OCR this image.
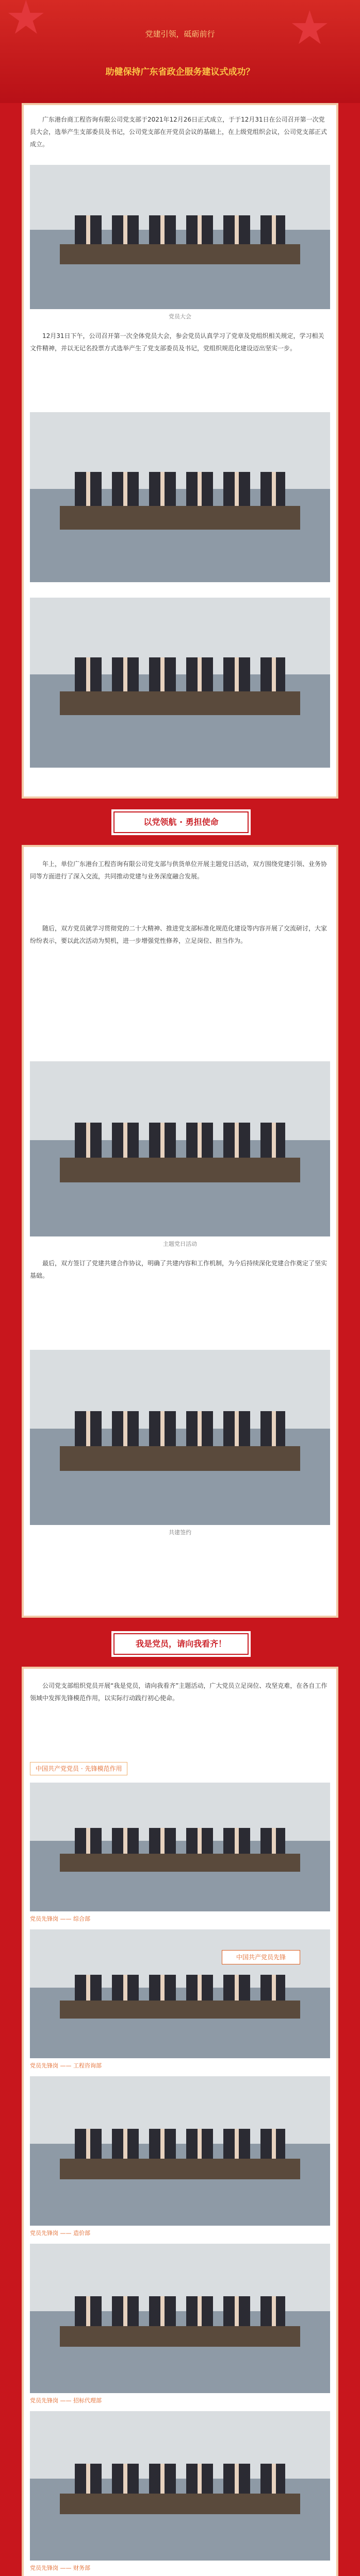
★	★
党建引领，砥砺前行
助健保持广东省政企服务建议式成功？
广东港台商工程咨询有限公司党支部于2021年12月26日正式成立，于于12月31日在公司召开第一次党员大会，选举产生支部委员及书记，公司党支部在开党员会议的基础上，在上级党组织会议，公司党支部正式成立。
党员大会
12月31日下午，公司召开第一次全体党员大会，参会党员认真学习了党章及党组织相关规定，学习相关文件精神，并以无记名投票方式选举产生了党支部委员及书记，党组织规范化建设迈出坚实一步。
以党领航 · 勇担使命
年上，单位广东港台工程咨询有限公司党支部与供货单位开展主题党日活动，双方围绕党建引领、业务协同等方面进行了深入交流，共同推动党建与业务深度融合发展。
随后，双方党员就学习贯彻党的二十大精神、推进党支部标准化规范化建设等内容开展了交流研讨，大家纷纷表示，要以此次活动为契机，进一步增强党性修养，立足岗位、担当作为。
主题党日活动
最后，双方签订了党建共建合作协议，明确了共建内容和工作机制，为今后持续深化党建合作奠定了坚实基础。
共建签约
我是党员，请向我看齐！
公司党支部组织党员开展“我是党员，请向我看齐”主题活动，广大党员立足岗位、攻坚克难，在各自工作领域中发挥先锋模范作用，以实际行动践行初心使命。
中国共产党党员 · 先锋模范作用
党员先锋岗 —— 综合部
中国共产党员先锋
党员先锋岗 —— 工程咨询部
党员先锋岗 —— 造价部
党员先锋岗 —— 招标代理部
党员先锋岗 —— 财务部
